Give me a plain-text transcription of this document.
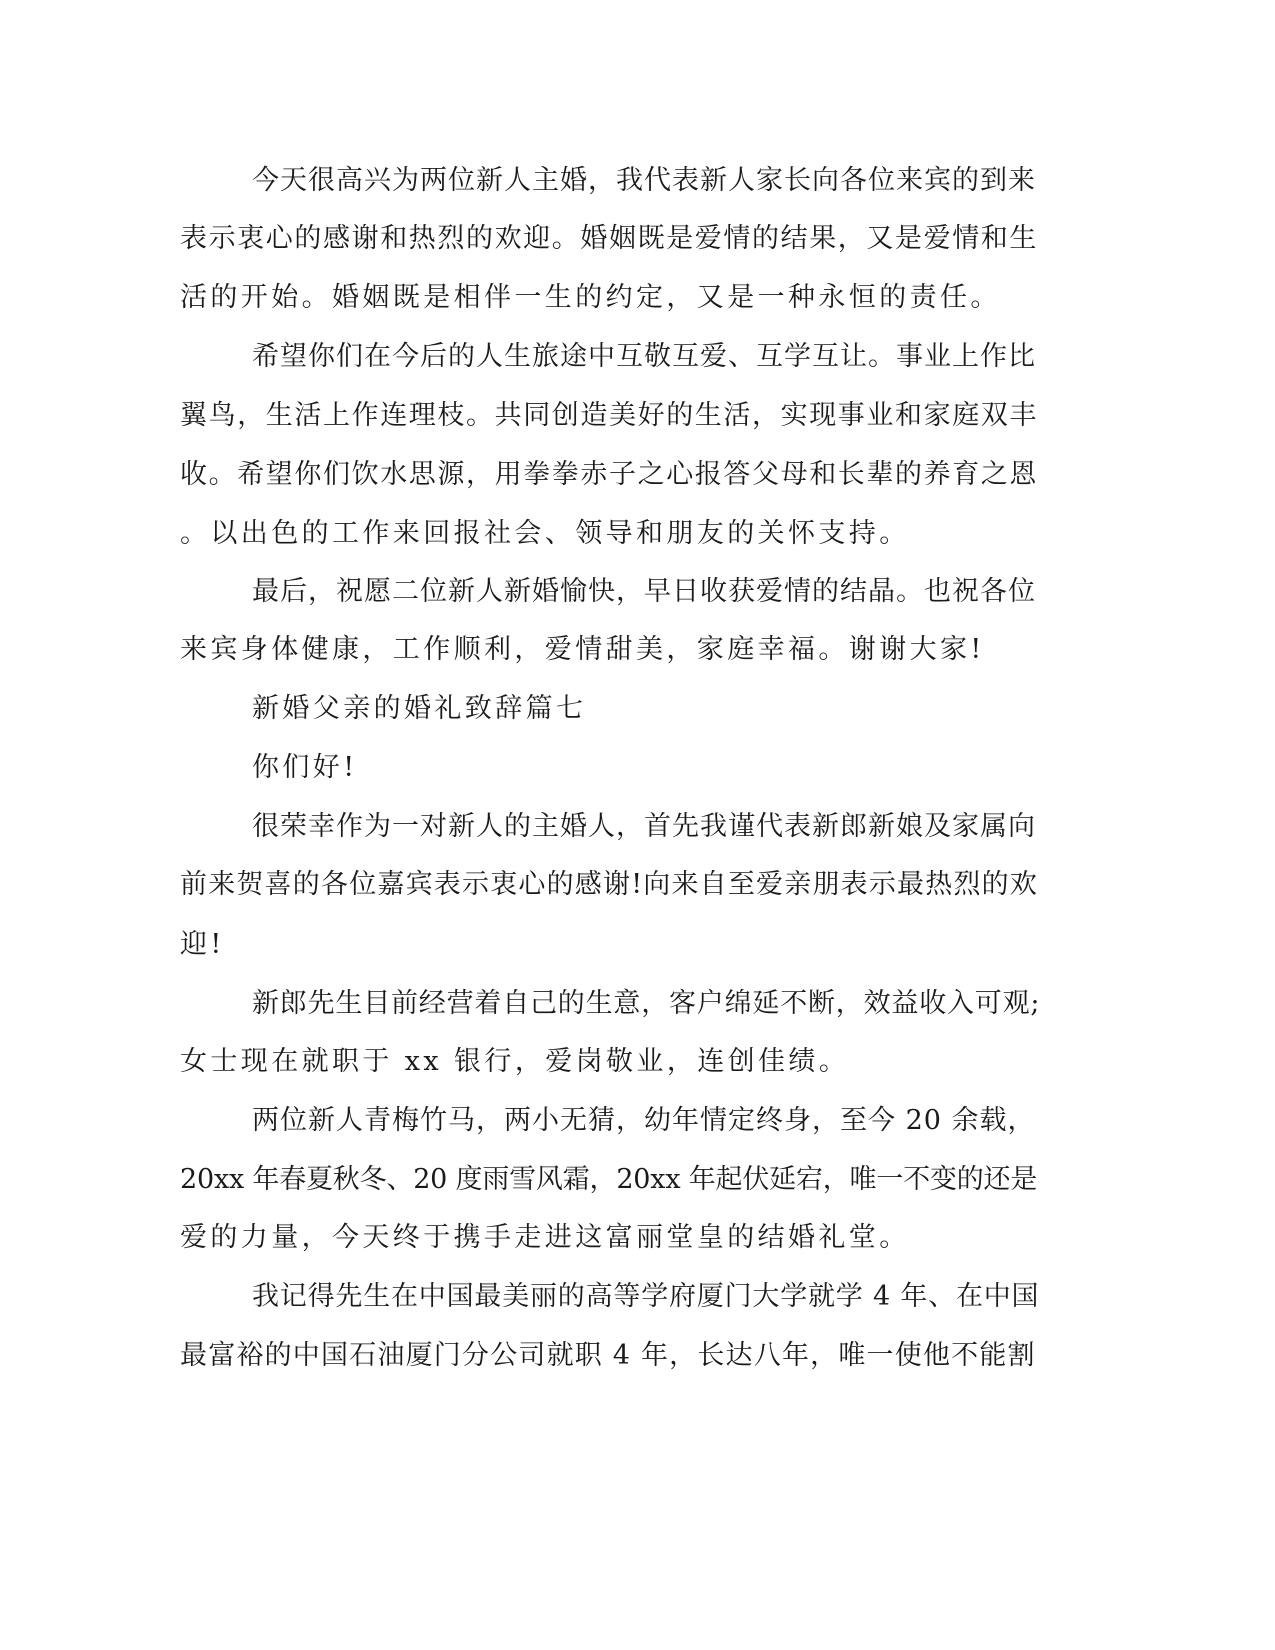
今天很高兴为两位新人主婚，我代表新人家长向各位来宾的到来

表示衷心的感谢和热烈的欢迎。婚姻既是爱情的结果，又是爱情和生

活的开始。婚姻既是相伴一生的约定，又是一种永恒的责任。

希望你们在今后的人生旅途中互敬互爱、互学互让。事业上作比

翼鸟，生活上作连理枝。共同创造美好的生活，实现事业和家庭双丰

收。希望你们饮水思源，用拳拳赤子之心报答父母和长辈的养育之恩

。以出色的工作来回报社会、领导和朋友的关怀支持。

最后，祝愿二位新人新婚愉快，早日收获爱情的结晶。也祝各位

来宾身体健康，工作顺利，爱情甜美，家庭幸福。谢谢大家!

新婚父亲的婚礼致辞篇七

你们好!

很荣幸作为一对新人的主婚人，首先我谨代表新郎新娘及家属向

前来贺喜的各位嘉宾表示衷心的感谢!向来自至爱亲朋表示最热烈的欢

迎!

新郎先生目前经营着自己的生意，客户绵延不断，效益收入可观;

女士现在就职于 xx 银行，爱岗敬业，连创佳绩。

两位新人青梅竹马，两小无猜，幼年情定终身，至今 20 余载，

20xx 年春夏秋冬、20 度雨雪风霜，20xx 年起伏延宕，唯一不变的还是

爱的力量，今天终于携手走进这富丽堂皇的结婚礼堂。

我记得先生在中国最美丽的高等学府厦门大学就学 4 年、在中国

最富裕的中国石油厦门分公司就职 4 年，长达八年，唯一使他不能割
